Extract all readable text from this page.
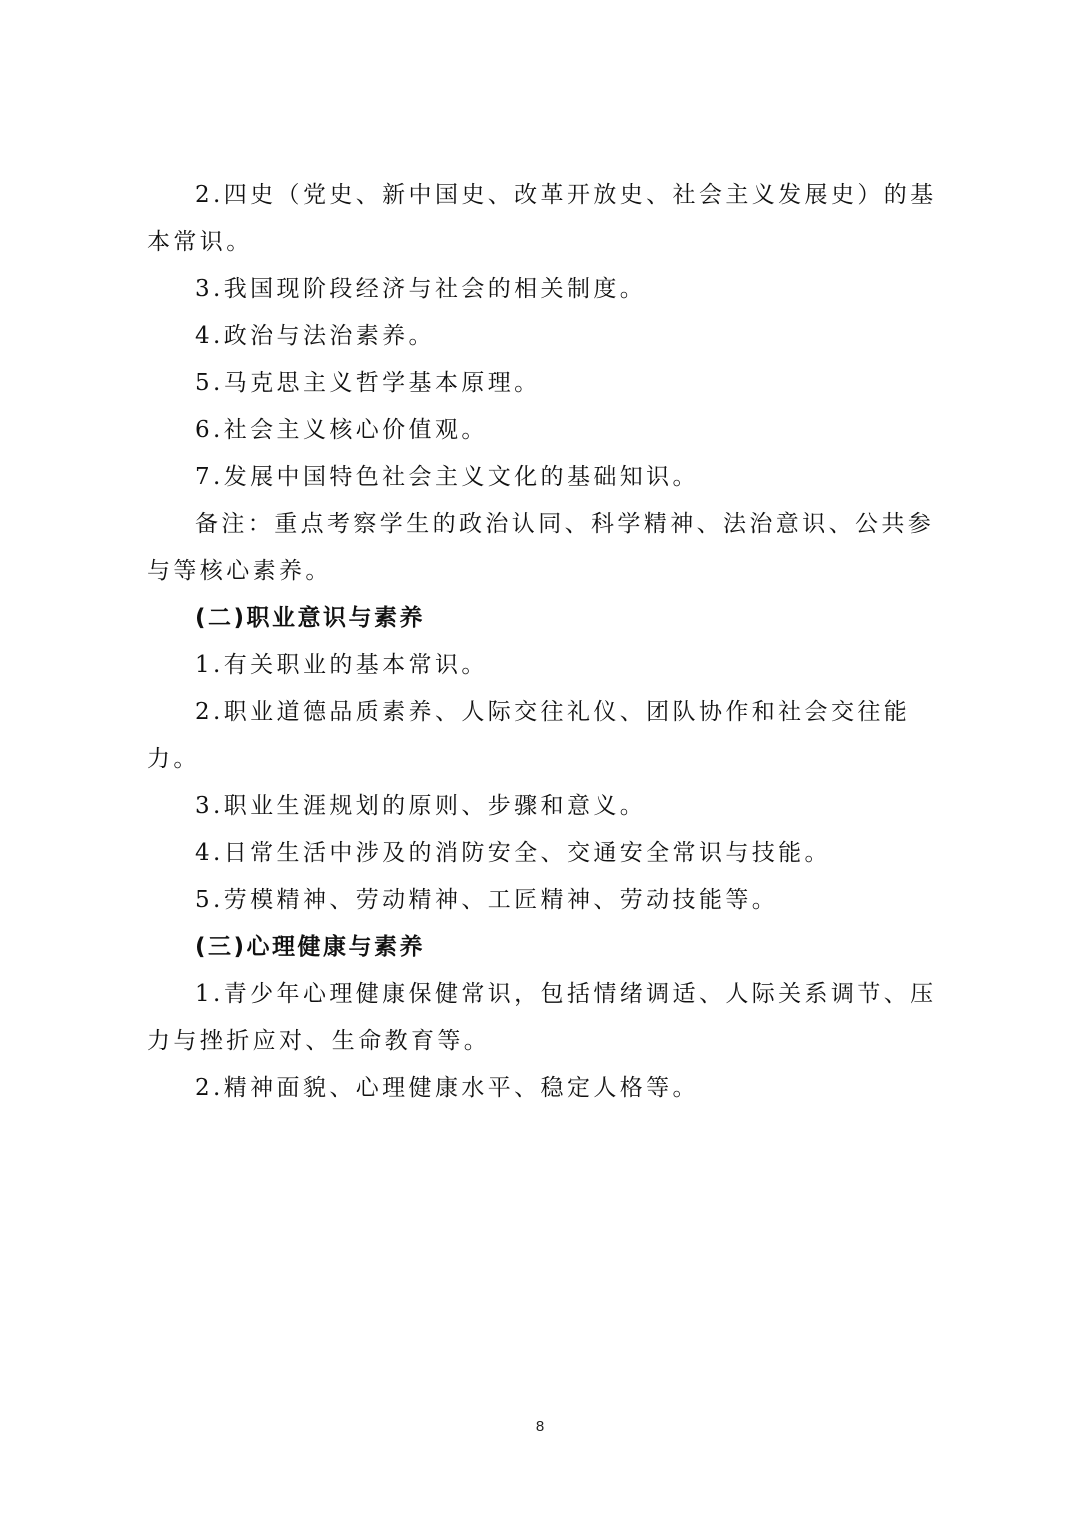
2.四史（党史、新中国史、改革开放史、社会主义发展史）的基本常识。

3.我国现阶段经济与社会的相关制度。

4.政治与法治素养。

5.马克思主义哲学基本原理。

6.社会主义核心价值观。

7.发展中国特色社会主义文化的基础知识。

备注：重点考察学生的政治认同、科学精神、法治意识、公共参与等核心素养。

(二)职业意识与素养

1.有关职业的基本常识。

2.职业道德品质素养、人际交往礼仪、团队协作和社会交往能力。

3.职业生涯规划的原则、步骤和意义。

4.日常生活中涉及的消防安全、交通安全常识与技能。

5.劳模精神、劳动精神、工匠精神、劳动技能等。

(三)心理健康与素养

1.青少年心理健康保健常识，包括情绪调适、人际关系调节、压力与挫折应对、生命教育等。

2.精神面貌、心理健康水平、稳定人格等。

8
